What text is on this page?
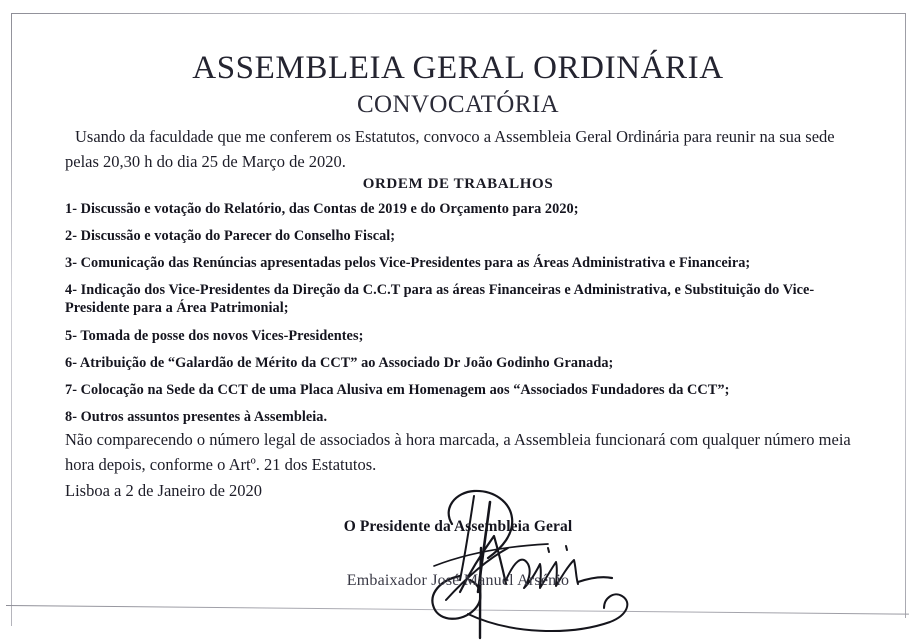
ASSEMBLEIA GERAL ORDINÁRIA
CONVOCATÓRIA
Usando da faculdade que me conferem os Estatutos, convoco a Assembleia Geral Ordinária para reunir na sua sede pelas 20,30 h do dia 25 de Março de 2020.
ORDEM DE TRABALHOS
1- Discussão e votação do Relatório, das Contas de 2019 e do Orçamento para 2020;
2- Discussão e votação do Parecer do Conselho Fiscal;
3- Comunicação das Renúncias apresentadas pelos Vice-Presidentes para as Áreas Administrativa e Financeira;
4- Indicação dos Vice-Presidentes da Direção da C.C.T para as áreas Financeiras e Administrativa, e Substituição do Vice-Presidente para a Área Patrimonial;
5- Tomada de posse dos novos Vices-Presidentes;
6- Atribuição de “Galardão de Mérito da CCT” ao Associado Dr João Godinho Granada;
7- Colocação na Sede da CCT de uma Placa Alusiva em Homenagem aos “Associados Fundadores da CCT”;
8- Outros assuntos presentes à Assembleia.
Não comparecendo o número legal de associados à hora marcada, a Assembleia funcionará com qualquer número meia hora depois, conforme o Artº. 21 dos Estatutos.
Lisboa a 2 de Janeiro de 2020
O Presidente da Assembleia Geral
Embaixador José Manuel Arsénio
